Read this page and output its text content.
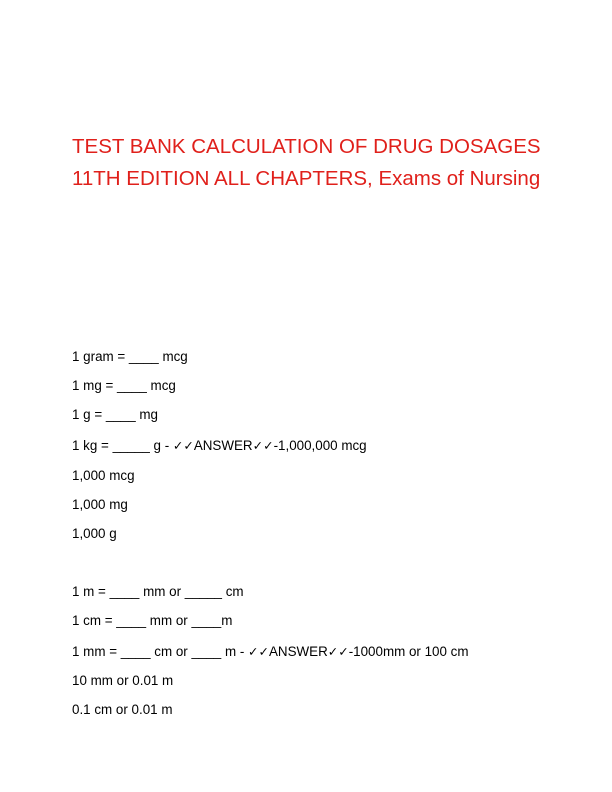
TEST BANK CALCULATION OF DRUG DOSAGES
11TH EDITION ALL CHAPTERS, Exams of Nursing

1 gram = ____ mcg

1 mg = ____ mcg

1 g = ____ mg

1 kg = _____ g - ✓✓ANSWER✓✓-1,000,000 mcg

1,000 mcg

1,000 mg

1,000 g

1 m = ____ mm or _____ cm

1 cm = ____ mm or ____m

1 mm = ____ cm or ____ m - ✓✓ANSWER✓✓-1000mm or 100 cm

10 mm or 0.01 m

0.1 cm or 0.01 m
